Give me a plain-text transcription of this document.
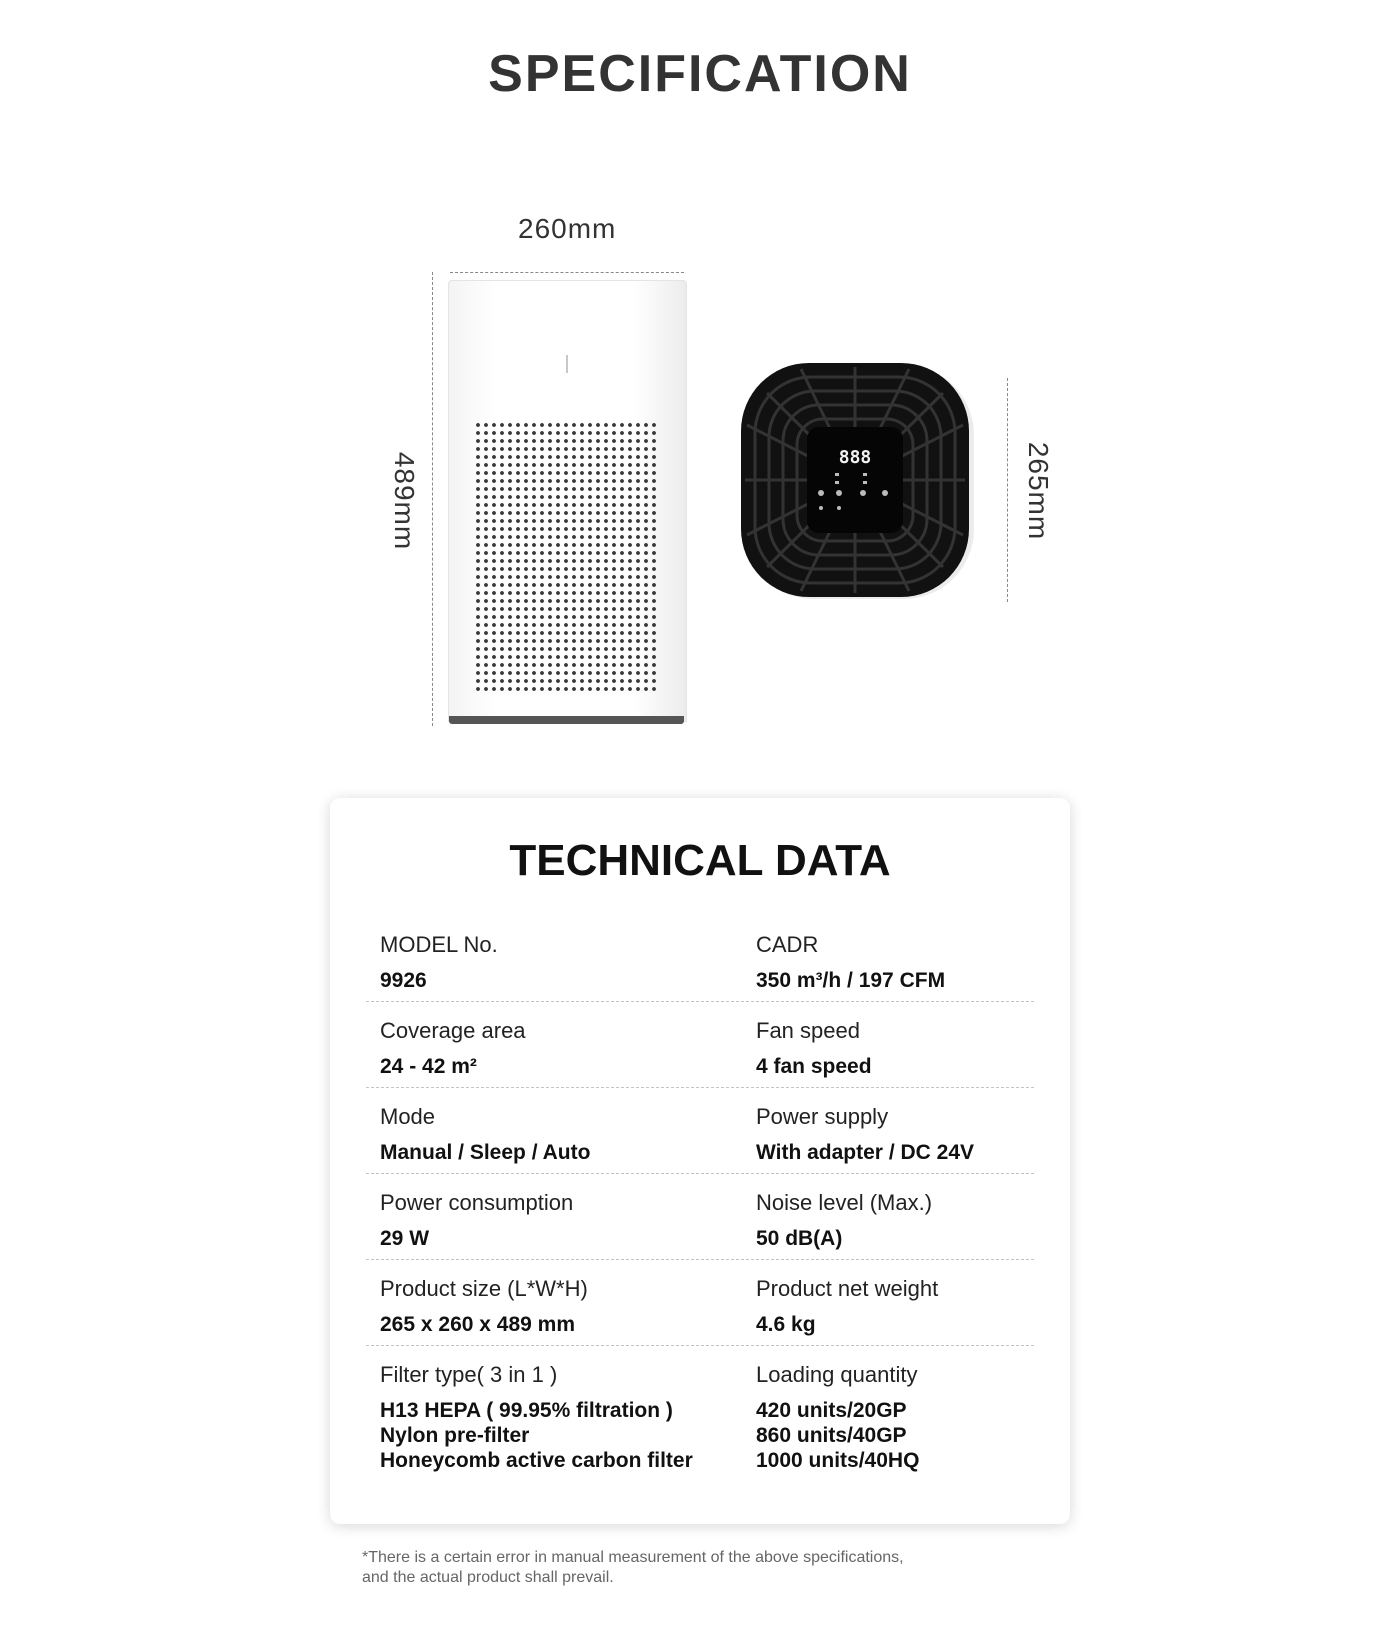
SPECIFICATION
260mm
489mm	265mm
888
TECHNICAL DATA
MODEL No.
9926
CADR
350 m³/h / 197 CFM
Coverage area
24 - 42 m²
Fan speed
4 fan speed
Mode
Manual / Sleep / Auto
Power supply
With adapter / DC 24V
Power consumption
29 W
Noise level (Max.)
50 dB(A)
Product size (L*W*H)
265 x 260 x 489 mm
Product net weight
4.6 kg
Filter type( 3 in 1 )
H13 HEPA ( 99.95% filtration )
Nylon pre-filter
Honeycomb active carbon filter
Loading quantity
420 units/20GP
860 units/40GP
1000 units/40HQ
*There is a certain error in manual measurement of the above specifications,
and the actual product shall prevail.
